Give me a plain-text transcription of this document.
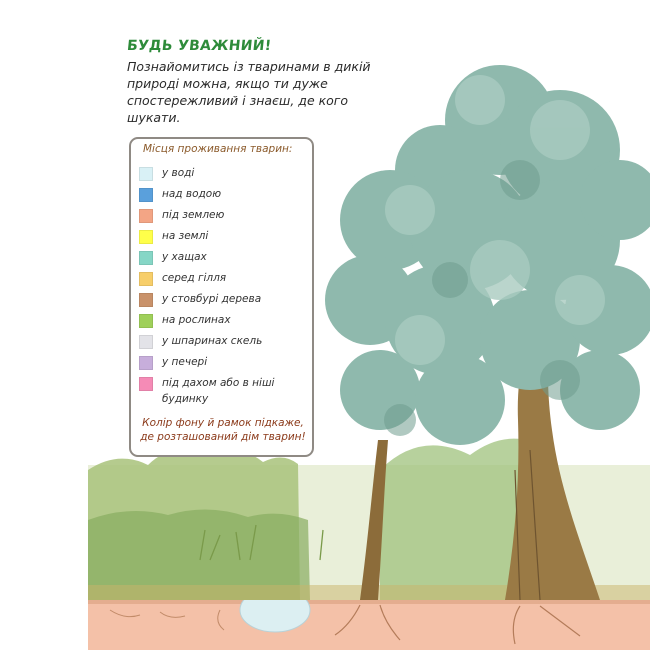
БУДЬ УВАЖНИЙ!
Познайомитись із тваринами в дикій природі можна, якщо ти дуже спостережливий і знаєш, де кого шукати.
Місця проживання тварин:
у воді
над водою
під землею
на землі
у хащах
серед гілля
у стовбурі дерева
на рослинах
у шпаринах скель
у печері
під дахом або в ніші будинку
Колір фону й рамок підкаже, де розташований дім тварин!
